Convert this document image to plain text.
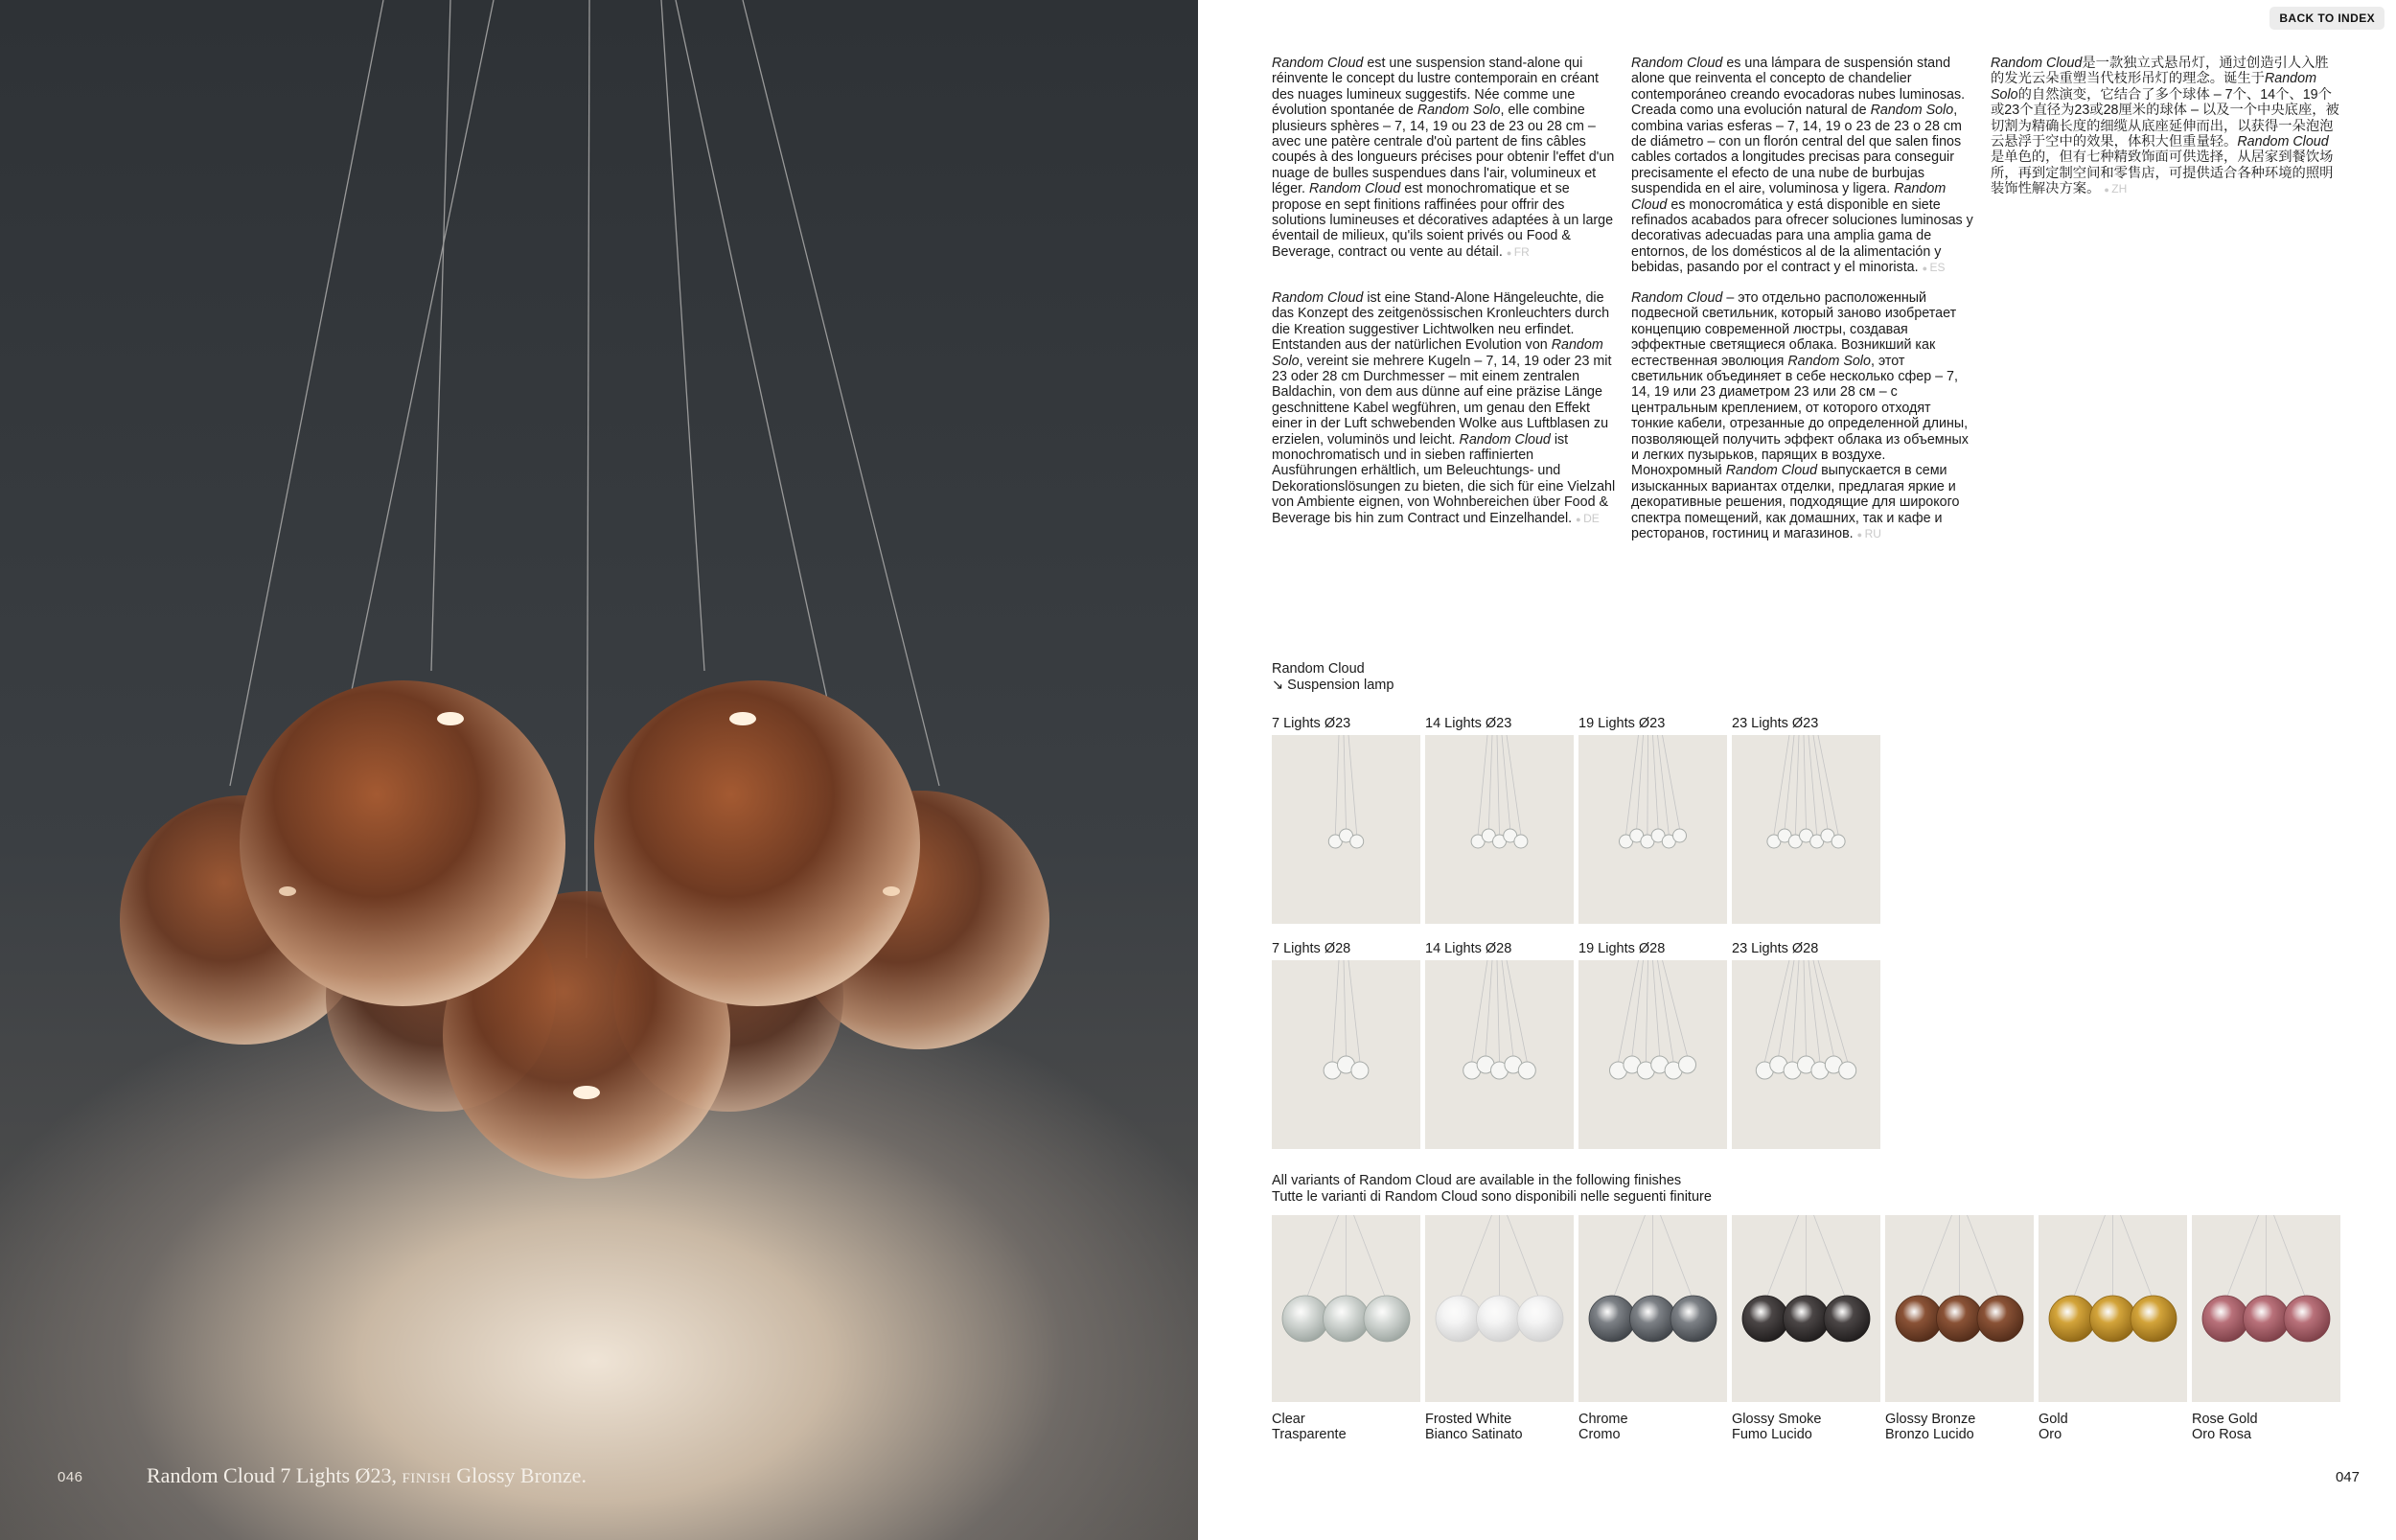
046	Random Cloud 7 Lights Ø23, finish Glossy Bronze.
BACK TO INDEX
Random Cloud est une suspension stand-alone qui réinvente le concept du lustre contemporain en créant des nuages lumineux suggestifs. Née comme une évolution spontanée de Random Solo, elle combine plusieurs sphères – 7, 14, 19 ou 23 de 23 ou 28 cm – avec une patère centrale d'où partent de fins câbles coupés à des longueurs précises pour obtenir l'effet d'un nuage de bulles suspendues dans l'air, volumineux et léger. Random Cloud est monochromatique et se propose en sept finitions raffinées pour offrir des solutions lumineuses et décoratives adaptées à un large éventail de milieux, qu'ils soient privés ou Food & Beverage, contract ou vente au détail. ● FR
Random Cloud ist eine Stand-Alone Hängeleuchte, die das Konzept des zeitgenössischen Kronleuchters durch die Kreation suggestiver Lichtwolken neu erfindet. Entstanden aus der natürlichen Evolution von Random Solo, vereint sie mehrere Kugeln – 7, 14, 19 oder 23 mit 23 oder 28 cm Durchmesser – mit einem zentralen Baldachin, von dem aus dünne auf eine präzise Länge geschnittene Kabel wegführen, um genau den Effekt einer in der Luft schwebenden Wolke aus Luftblasen zu erzielen, voluminös und leicht. Random Cloud ist monochromatisch und in sieben raffinierten Ausführungen erhältlich, um Beleuchtungs- und Dekorationslösungen zu bieten, die sich für eine Vielzahl von Ambiente eignen, von Wohnbereichen über Food & Beverage bis hin zum Contract und Einzelhandel. ● DE
Random Cloud es una lámpara de suspensión stand alone que reinventa el concepto de chandelier contemporáneo creando evocadoras nubes luminosas. Creada como una evolución natural de Random Solo, combina varias esferas – 7, 14, 19 o 23 de 23 o 28 cm de diámetro – con un florón central del que salen finos cables cortados a longitudes precisas para conseguir precisamente el efecto de una nube de burbujas suspendida en el aire, voluminosa y ligera. Random Cloud es monocromática y está disponible en siete refinados acabados para ofrecer soluciones luminosas y decorativas adecuadas para una amplia gama de entornos, de los domésticos al de la alimentación y bebidas, pasando por el contract y el minorista. ● ES
Random Cloud – это отдельно расположенный подвесной светильник, который заново изобретает концепцию современной люстры, создавая эффектные светящиеся облака. Возникший как естественная эволюция Random Solo, этот светильник объединяет в себе несколько сфер – 7, 14, 19 или 23 диаметром 23 или 28 см – с центральным креплением, от которого отходят тонкие кабели, отрезанные до определенной длины, позволяющей получить эффект облака из объемных и легких пузырьков, парящих в воздухе. Монохромный Random Cloud выпускается в семи изысканных вариантах отделки, предлагая яркие и декоративные решения, подходящие для широкого спектра помещений, как домашних, так и кафе и ресторанов, гостиниц и магазинов. ● RU
Random Cloud是一款独立式悬吊灯，通过创造引人入胜的发光云朵重塑当代枝形吊灯的理念。诞生于Random Solo的自然演变，它结合了多个球体 – 7个、14个、19个或23个直径为23或28厘米的球体 – 以及一个中央底座，被切割为精确长度的细缆从底座延伸而出，以获得一朵泡泡云悬浮于空中的效果，体积大但重量轻。Random Cloud是单色的，但有七种精致饰面可供选择，从居家到餐饮场所，再到定制空间和零售店，可提供适合各种环境的照明装饰性解决方案。 ● ZH
Random Cloud
↘ Suspension lamp
7 Lights Ø23	14 Lights Ø23	19 Lights Ø23	23 Lights Ø23
7 Lights Ø28	14 Lights Ø28	19 Lights Ø28	23 Lights Ø28
All variants of Random Cloud are available in the following finishes
Tutte le varianti di Random Cloud sono disponibili nelle seguenti finiture
Clear
Trasparente
Frosted White
Bianco Satinato
Chrome
Cromo
Glossy Smoke
Fumo Lucido
Glossy Bronze
Bronzo Lucido
Gold
Oro
Rose Gold
Oro Rosa
047
